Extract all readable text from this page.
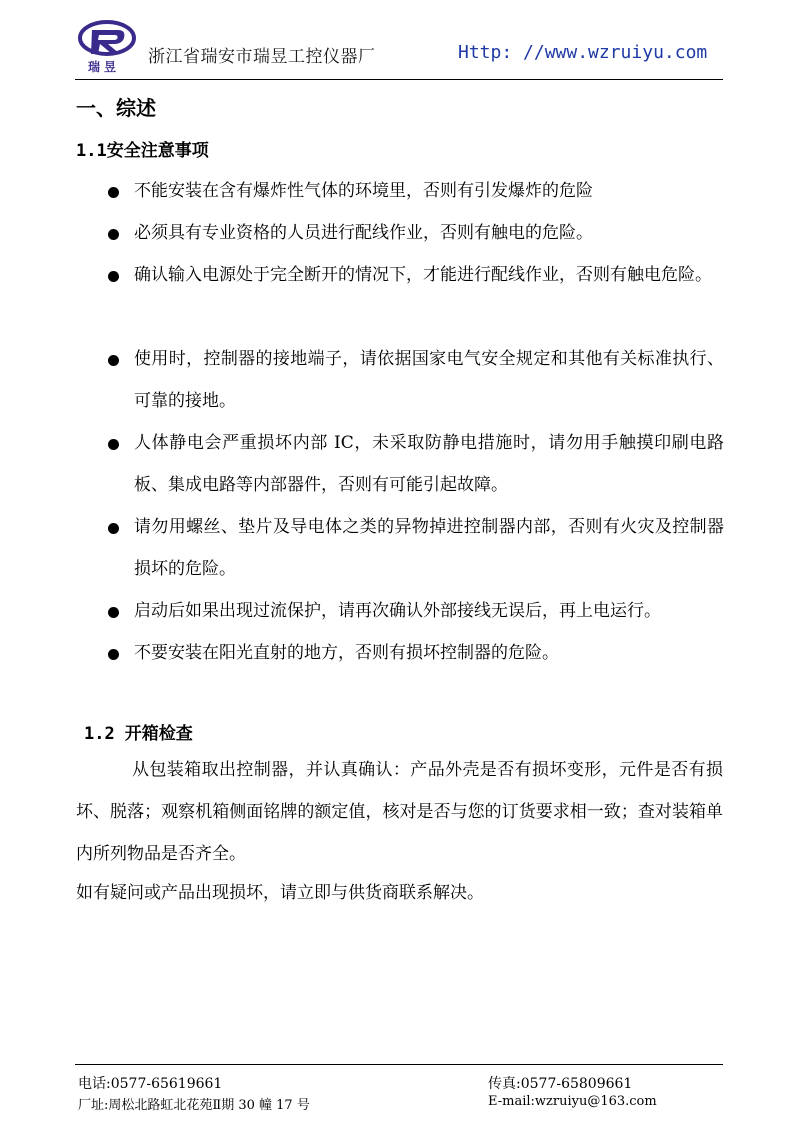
瑞昱 浙江省瑞安市瑞昱工控仪器厂	Http: //www.wzruiyu.com
一、综述
1.1安全注意事项
不能安装在含有爆炸性气体的环境里，否则有引发爆炸的危险
必须具有专业资格的人员进行配线作业，否则有触电的危险。
确认输入电源处于完全断开的情况下，才能进行配线作业，否则有触电危险。
使用时，控制器的接地端子，请依据国家电气安全规定和其他有关标准执行、可靠的接地。
人体静电会严重损坏内部 IC，未采取防静电措施时，请勿用手触摸印刷电路板、集成电路等内部器件，否则有可能引起故障。
请勿用螺丝、垫片及导电体之类的异物掉进控制器内部，否则有火灾及控制器损坏的危险。
启动后如果出现过流保护，请再次确认外部接线无误后，再上电运行。
不要安装在阳光直射的地方，否则有损坏控制器的危险。
1.2 开箱检查
从包装箱取出控制器，并认真确认：产品外壳是否有损坏变形，元件是否有损坏、脱落；观察机箱侧面铭牌的额定值，核对是否与您的订货要求相一致；查对装箱单内所列物品是否齐全。
如有疑问或产品出现损坏，请立即与供货商联系解决。
电话:0577-65619661	传真:0577-65809661
厂址:周松北路虹北花苑Ⅱ期 30 幢 17 号	E-mail:wzruiyu@163.com
